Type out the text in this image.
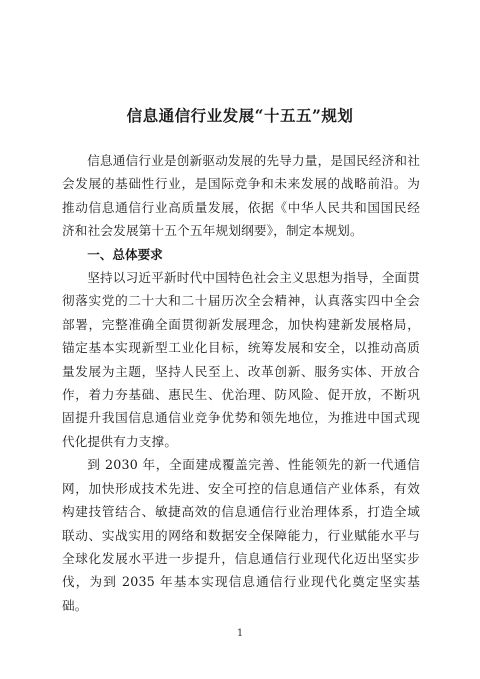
信息通信行业发展“十五五”规划

信息通信行业是创新驱动发展的先导力量，是国民经济和社会发展的基础性行业，是国际竞争和未来发展的战略前沿。为推动信息通信行业高质量发展，依据《中华人民共和国国民经济和社会发展第十五个五年规划纲要》，制定本规划。

一、总体要求

坚持以习近平新时代中国特色社会主义思想为指导，全面贯彻落实党的二十大和二十届历次全会精神，认真落实四中全会部署，完整准确全面贯彻新发展理念，加快构建新发展格局，锚定基本实现新型工业化目标，统筹发展和安全，以推动高质量发展为主题，坚持人民至上、改革创新、服务实体、开放合作，着力夯基础、惠民生、优治理、防风险、促开放，不断巩固提升我国信息通信业竞争优势和领先地位，为推进中国式现代化提供有力支撑。

到 2030 年，全面建成覆盖完善、性能领先的新一代通信网，加快形成技术先进、安全可控的信息通信产业体系，有效构建技管结合、敏捷高效的信息通信行业治理体系，打造全域联动、实战实用的网络和数据安全保障能力，行业赋能水平与全球化发展水平进一步提升，信息通信行业现代化迈出坚实步伐，为到 2035 年基本实现信息通信行业现代化奠定坚实基础。

1
